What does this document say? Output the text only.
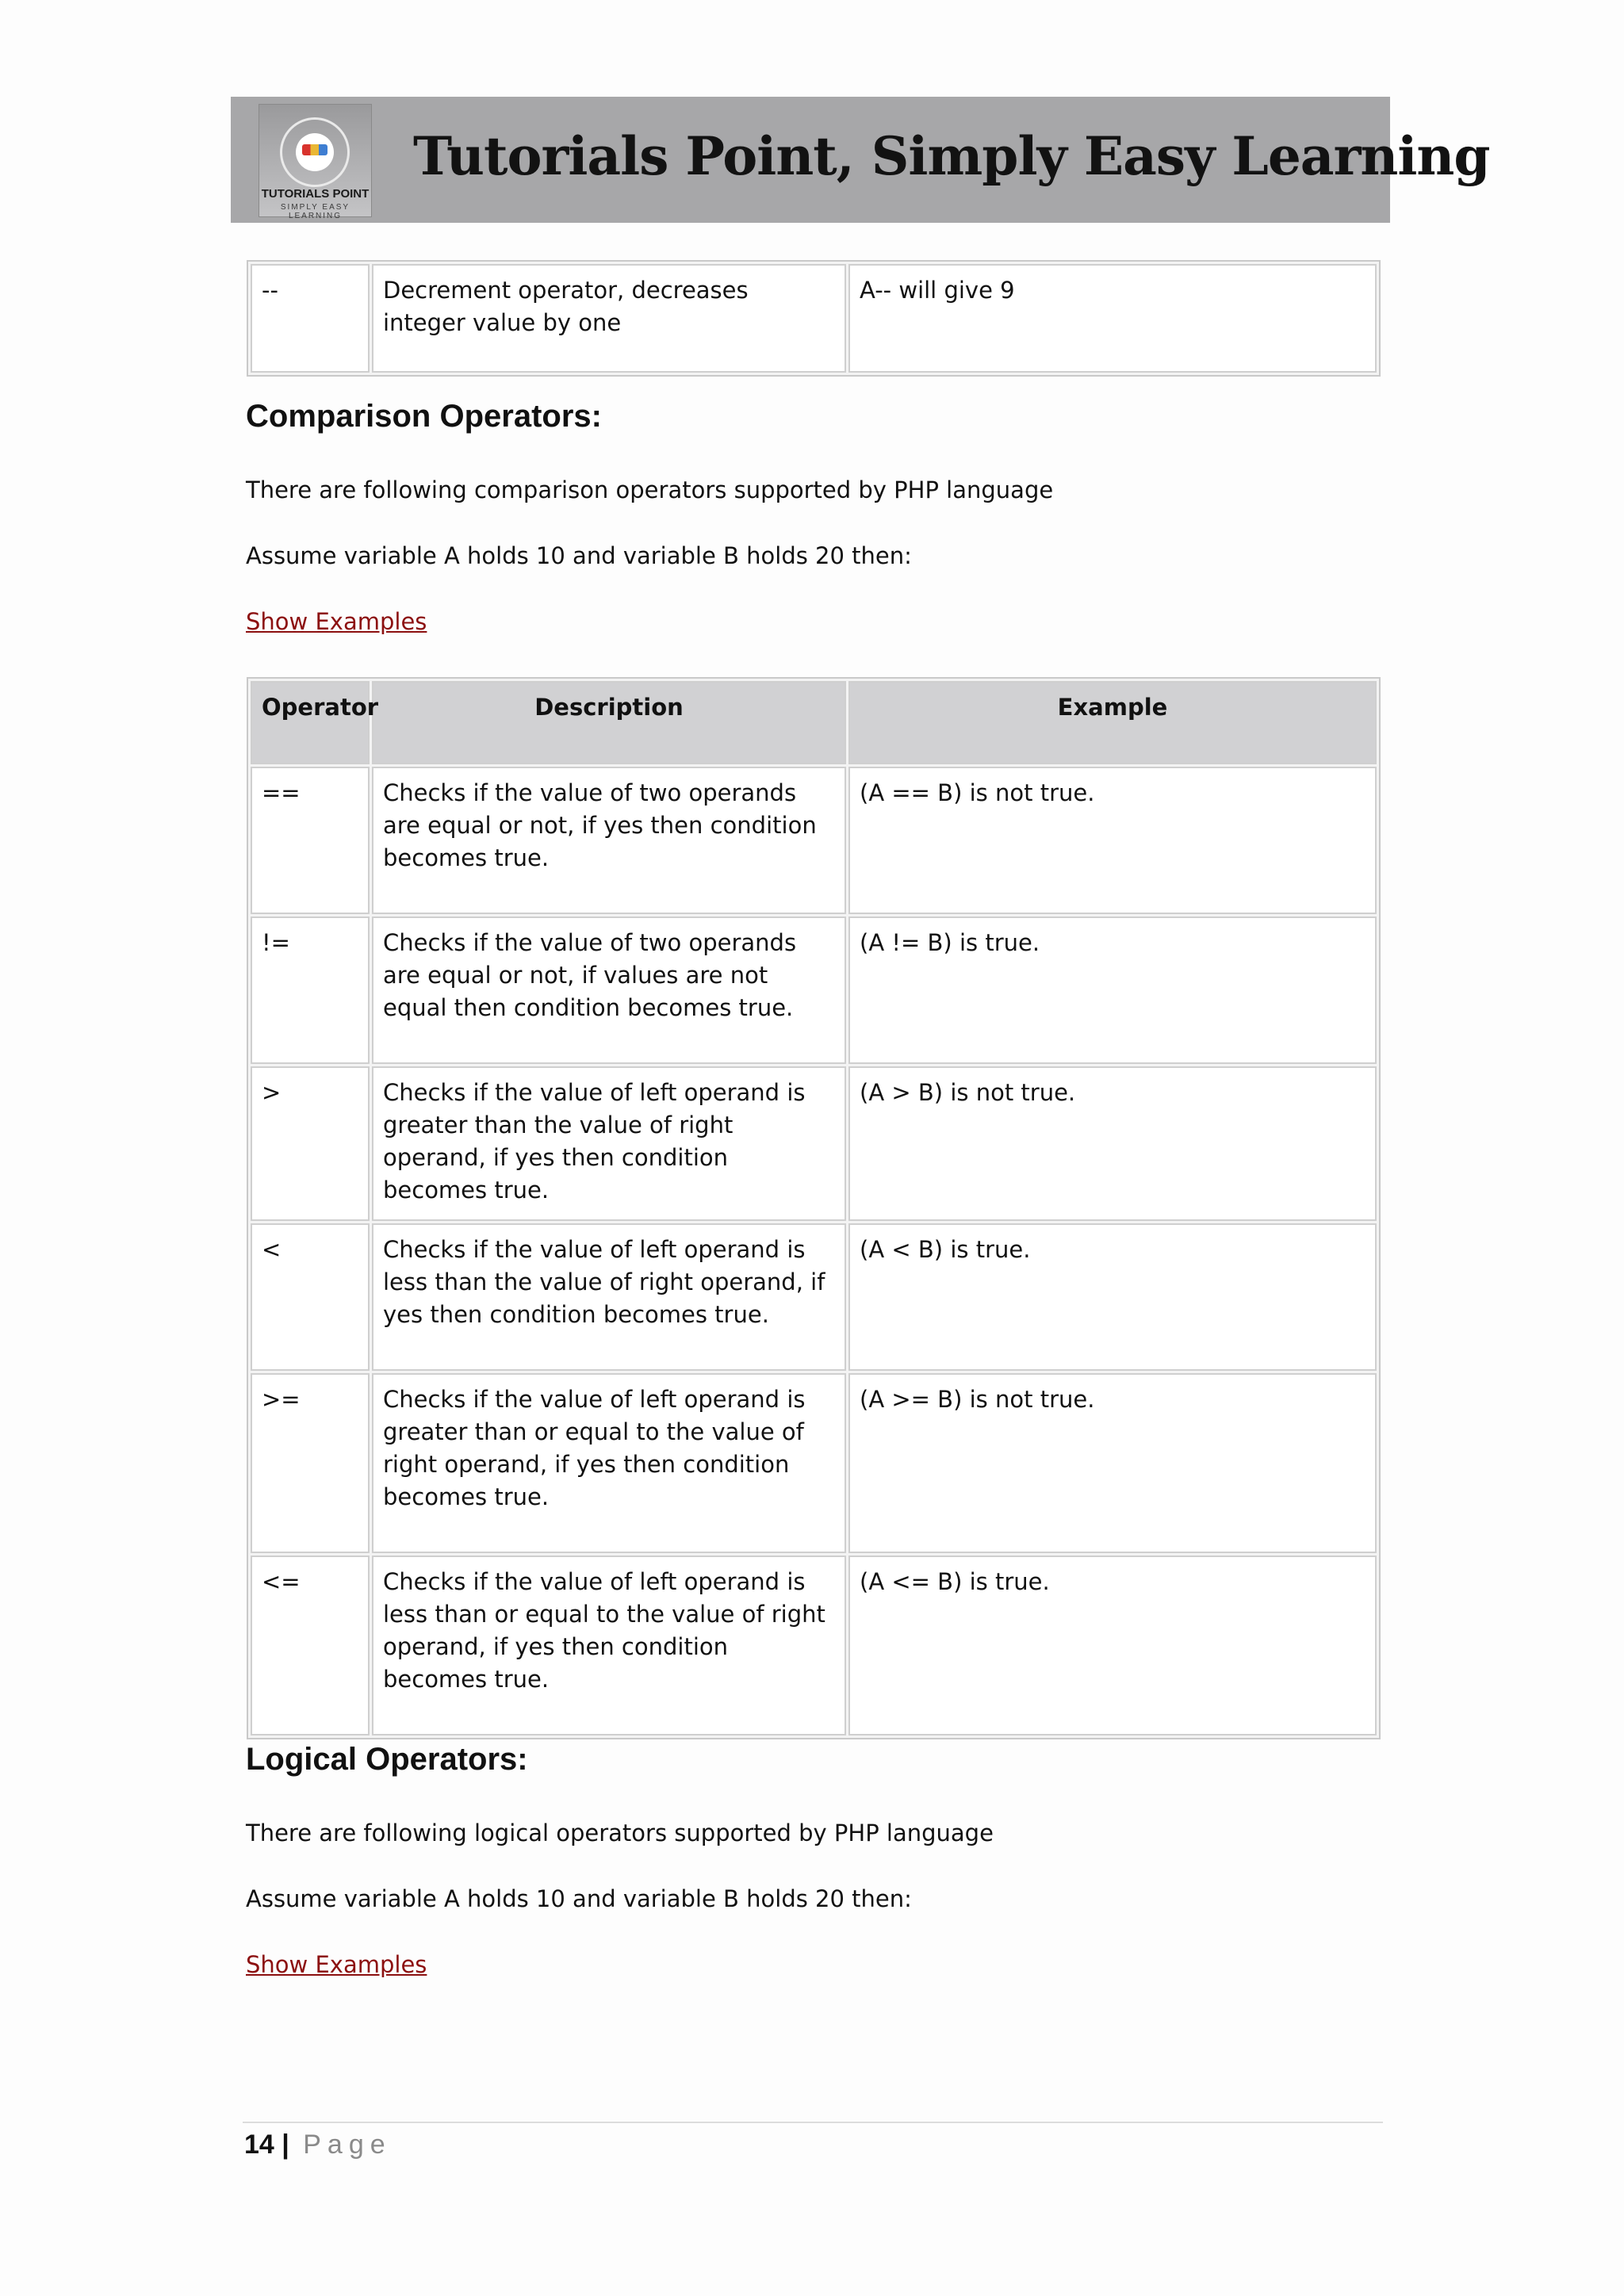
TUTORIALS POINT
SIMPLY EASY LEARNING
Tutorials Point, Simply Easy Learning
--	Decrement operator, decreases integer value by one	A-- will give 9
Comparison Operators:
There are following comparison operators supported by PHP language
Assume variable A holds 10 and variable B holds 20 then:
Show Examples
Operator	Description	Example
==	Checks if the value of two operands are equal or not, if yes then condition becomes true.	(A == B) is not true.
!=	Checks if the value of two operands are equal or not, if values are not equal then condition becomes true.	(A != B) is true.
>	Checks if the value of left operand is greater than the value of right operand, if yes then condition becomes true.	(A > B) is not true.
<	Checks if the value of left operand is less than the value of right operand, if yes then condition becomes true.	(A < B) is true.
>=	Checks if the value of left operand is greater than or equal to the value of right operand, if yes then condition becomes true.	(A >= B) is not true.
<=	Checks if the value of left operand is less than or equal to the value of right operand, if yes then condition becomes true.	(A <= B) is true.
Logical Operators:
There are following logical operators supported by PHP language
Assume variable A holds 10 and variable B holds 20 then:
Show Examples
14 | Page
